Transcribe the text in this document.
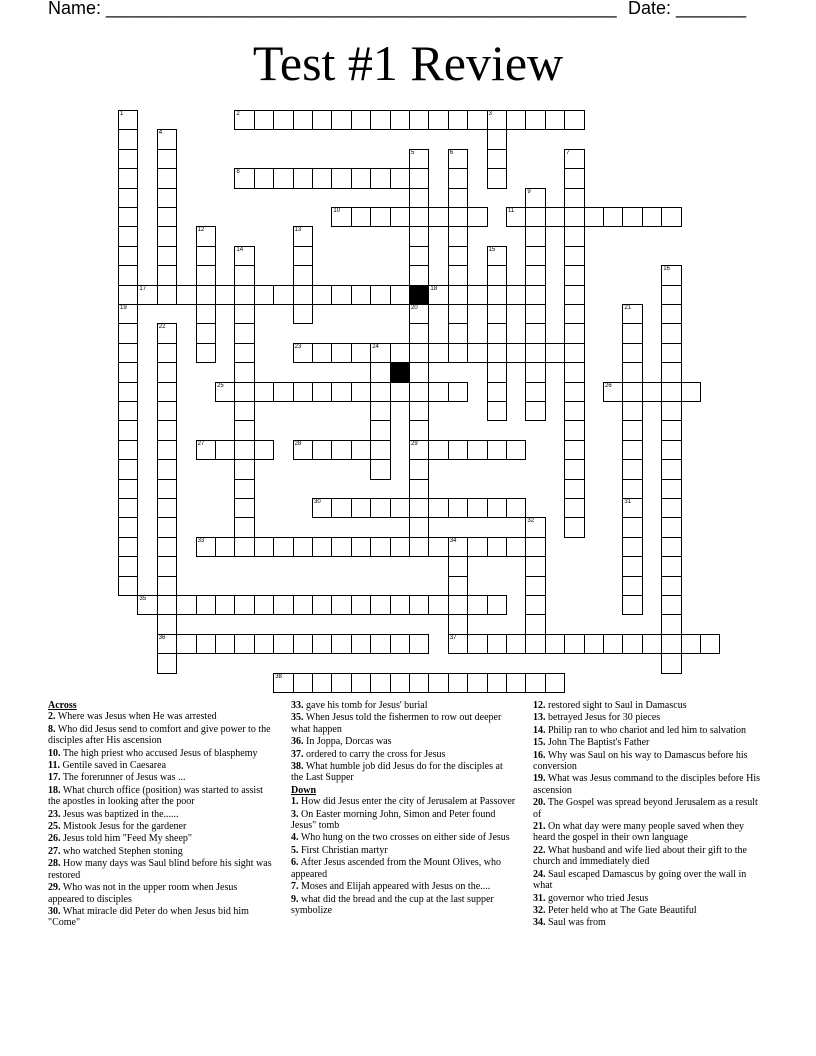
Name: ___________________________________________________ Date: _______
Test #1 Review
1
19
2	3
4
5
20
29
6	7
8
9
10	11
12	13
14	15
16
17	18
21
31
22
36
23	24
25	26
27	28
30
32
33	34
35
37
38
Across
2. Where was Jesus when He was arrested
8. Who did Jesus send to comfort and give power to the disciples after His ascension
10. The high priest who accused Jesus of blasphemy
11. Gentile saved in Caesarea
17. The forerunner of Jesus was ...
18. What church office (position) was started to assist the apostles in looking after the poor
23. Jesus was baptized in the......
25. Mistook Jesus for the gardener
26. Jesus told him "Feed My sheep"
27. who watched Stephen stoning
28. How many days was Saul blind before his sight was restored
29. Who was not in the upper room when Jesus appeared to disciples
30. What miracle did Peter do when Jesus bid him "Come"
33. gave his tomb for Jesus' burial
35. When Jesus told the fishermen to row out deeper what happen
36. In Joppa, Dorcas was
37. ordered to carry the cross for Jesus
38. What humble job did Jesus do for the disciples at the Last Supper
Down
1. How did Jesus enter the city of Jerusalem at Passover
3. On Easter morning John, Simon and Peter found Jesus" tomb
4. Who hung on the two crosses on either side of Jesus
5. First Christian martyr
6. After Jesus ascended from the Mount Olives, who appeared
7. Moses and Elijah appeared with Jesus on the....
9. what did the bread and the cup at the last supper symbolize
12. restored sight to Saul in Damascus
13. betrayed Jesus for 30 pieces
14. Philip ran to who chariot and led him to salvation
15. John The Baptist's Father
16. Why was Saul on his way to Damascus before his conversion
19. What was Jesus command to the disciples before His ascension
20. The Gospel was spread beyond Jerusalem as a result of
21. On what day were many people saved when they heard the gospel in their own language
22. What husband and wife lied about their gift to the church and immediately died
24. Saul escaped Damascus by going over the wall in what
31. governor who tried Jesus
32. Peter held who at The Gate Beautiful
34. Saul was from
